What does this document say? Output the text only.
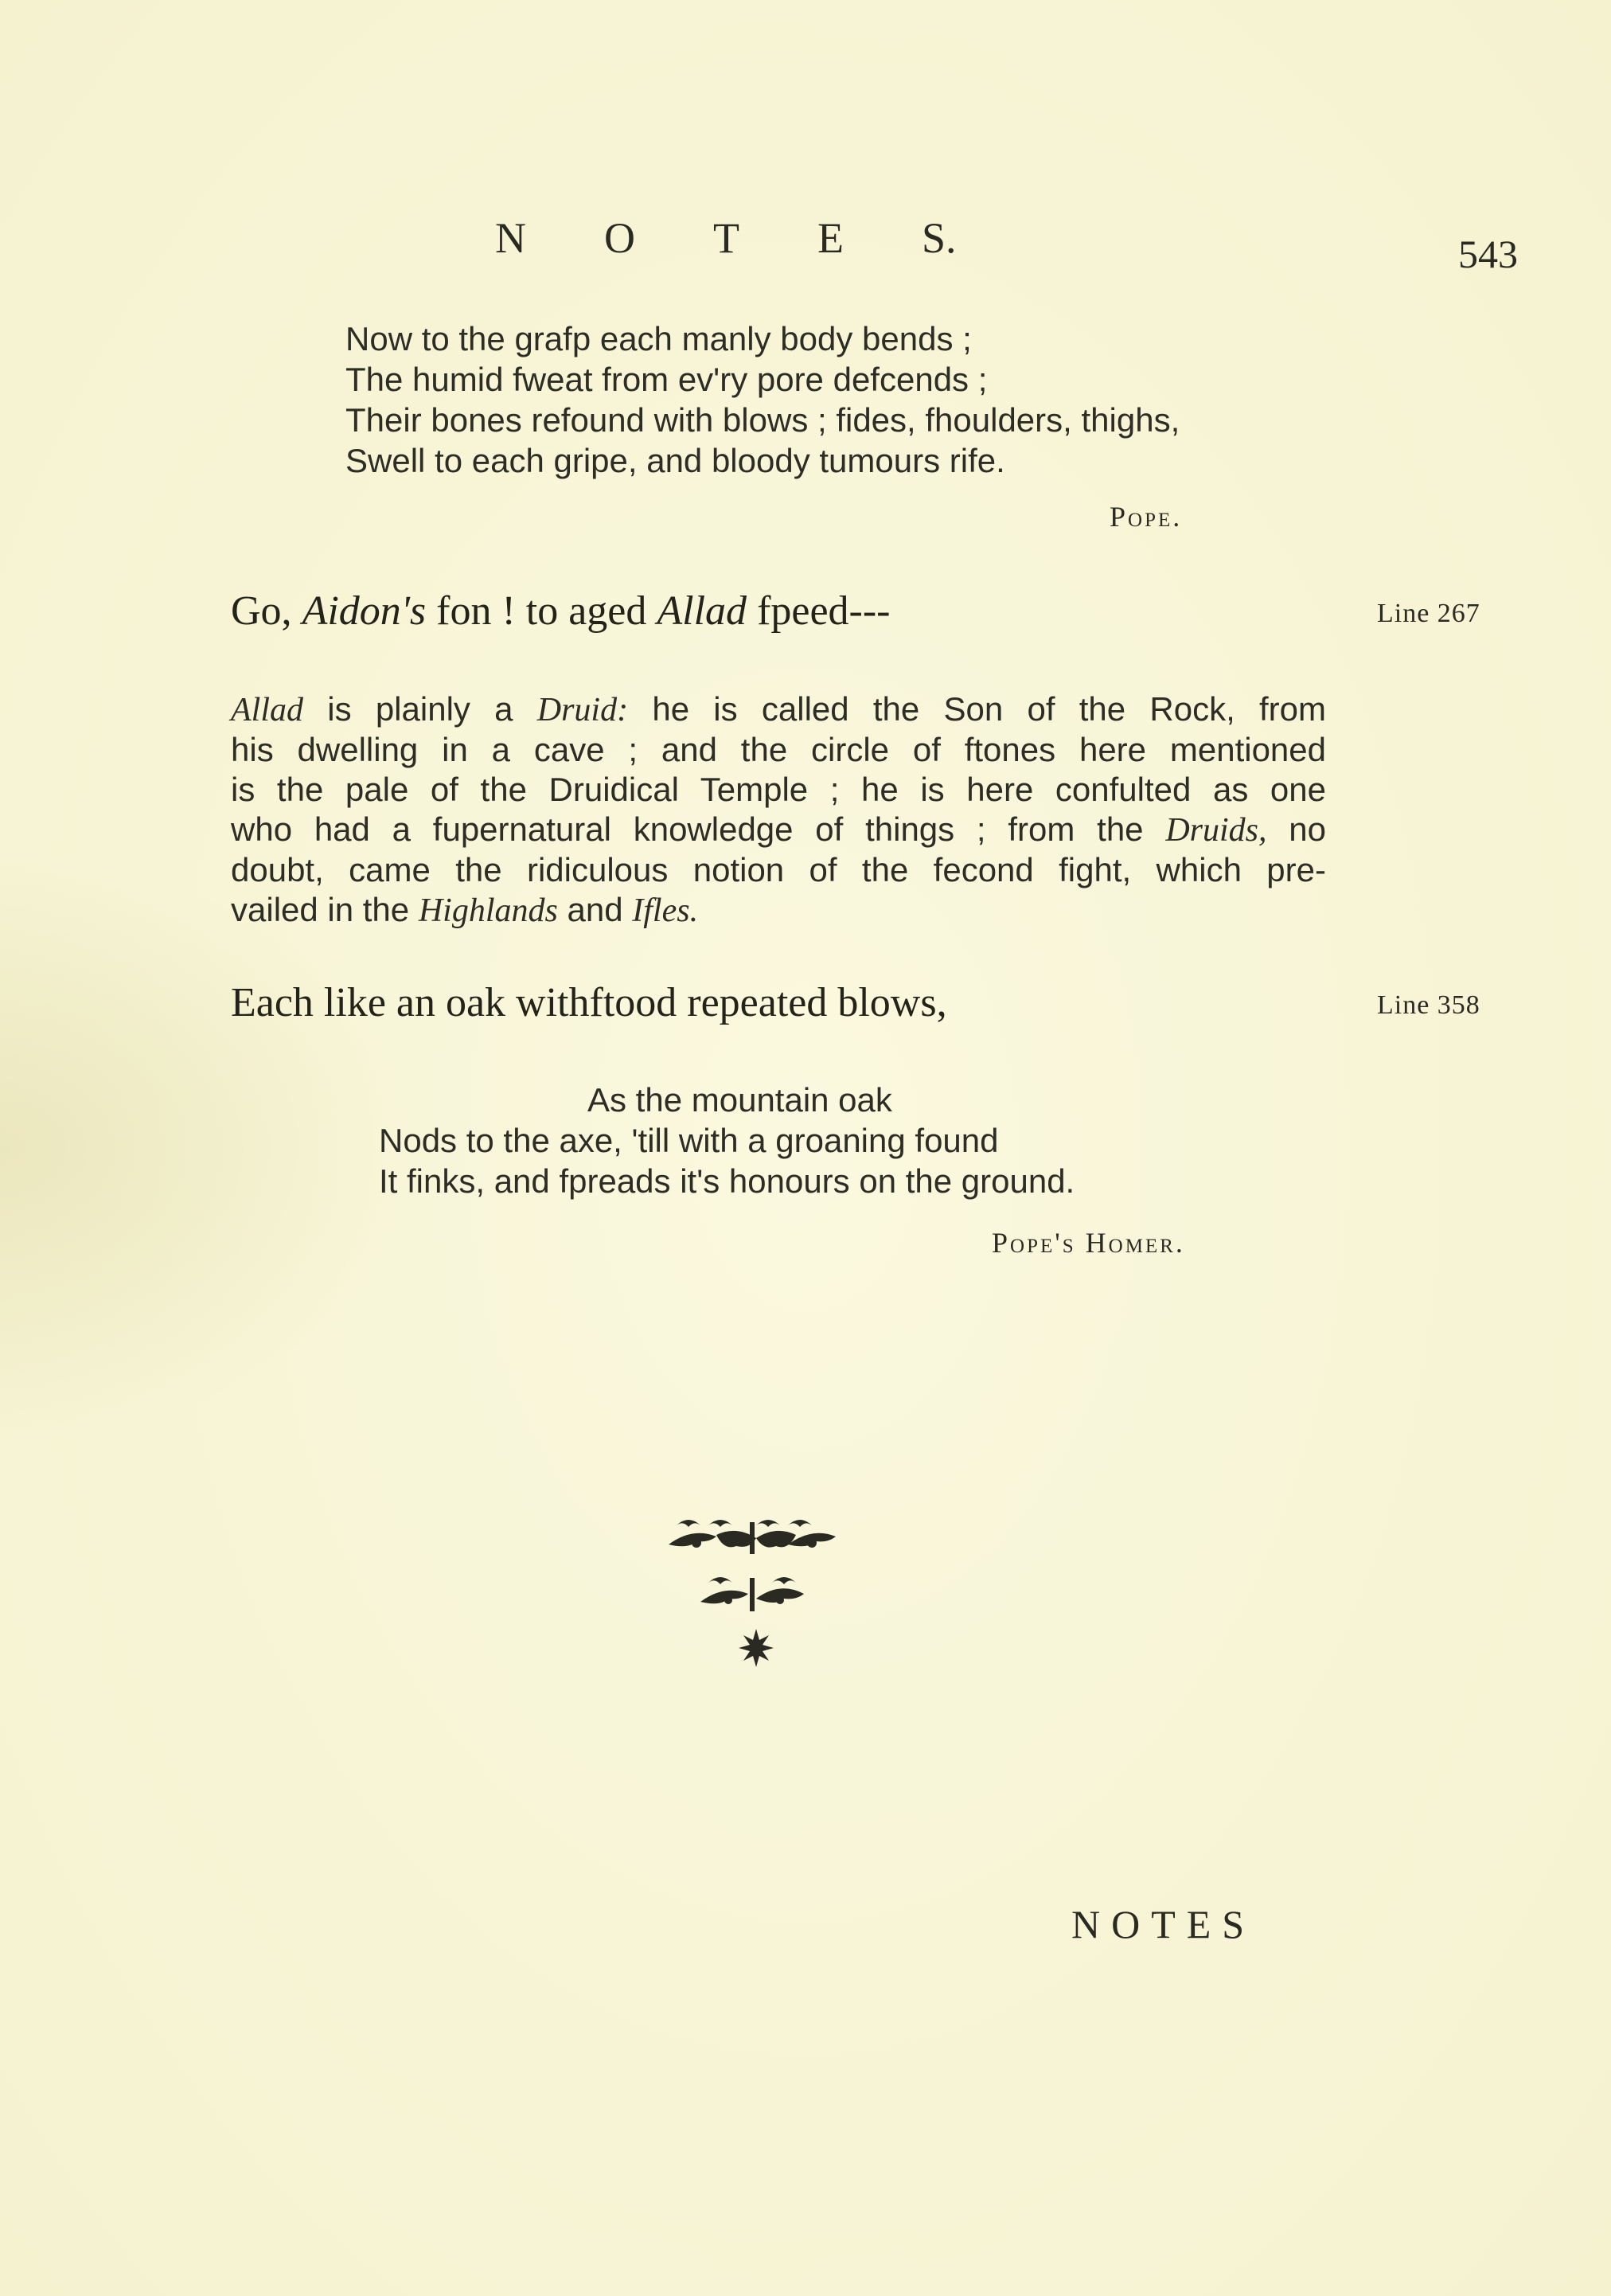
N O T E S.	543
Now to the grafp each manly body bends ;
The humid fweat from ev'ry pore defcends ;
Their bones refound with blows ; fides, fhoulders, thighs,
Swell to each gripe, and bloody tumours rife.
Pope.
Go, Aidon's fon ! to aged Allad fpeed---	Line 267
Allad is plainly a Druid: he is called the Son of the Rock, from
his dwelling in a cave ; and the circle of ftones here mentioned
is the pale of the Druidical Temple ; he is here confulted as one
who had a fupernatural knowledge of things ; from the Druids, no
doubt, came the ridiculous notion of the fecond fight, which pre-
vailed in the Highlands and Ifles.
Each like an oak withftood repeated blows,	Line 358
As the mountain oak
Nods to the axe, 'till with a groaning found
It finks, and fpreads it's honours on the ground.
Pope's Homer.
NOTES
